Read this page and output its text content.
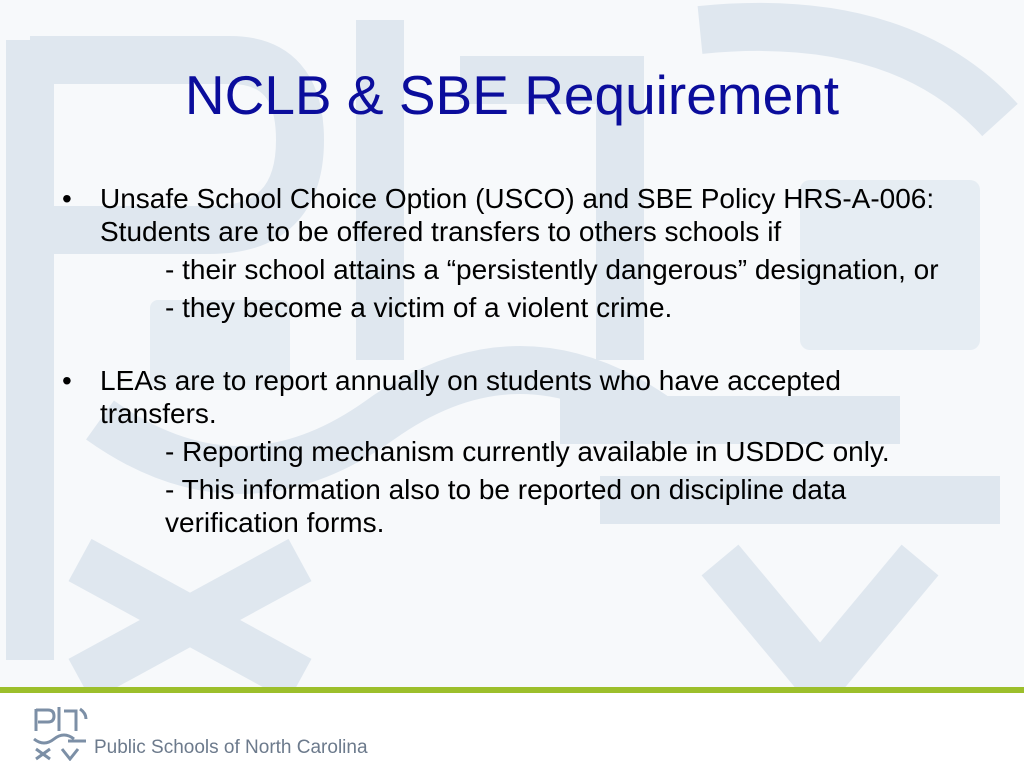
NCLB & SBE Requirement
• Unsafe School Choice Option (USCO) and SBE Policy HRS-A-006: Students are to be offered transfers to others schools if
- their school attains a “persistently dangerous” designation, or
- they become a victim of a violent crime.
• LEAs are to report annually on students who have accepted transfers.
- Reporting mechanism currently available in USDDC only.
- This information also to be reported on discipline data verification forms.
Public Schools of North Carolina
